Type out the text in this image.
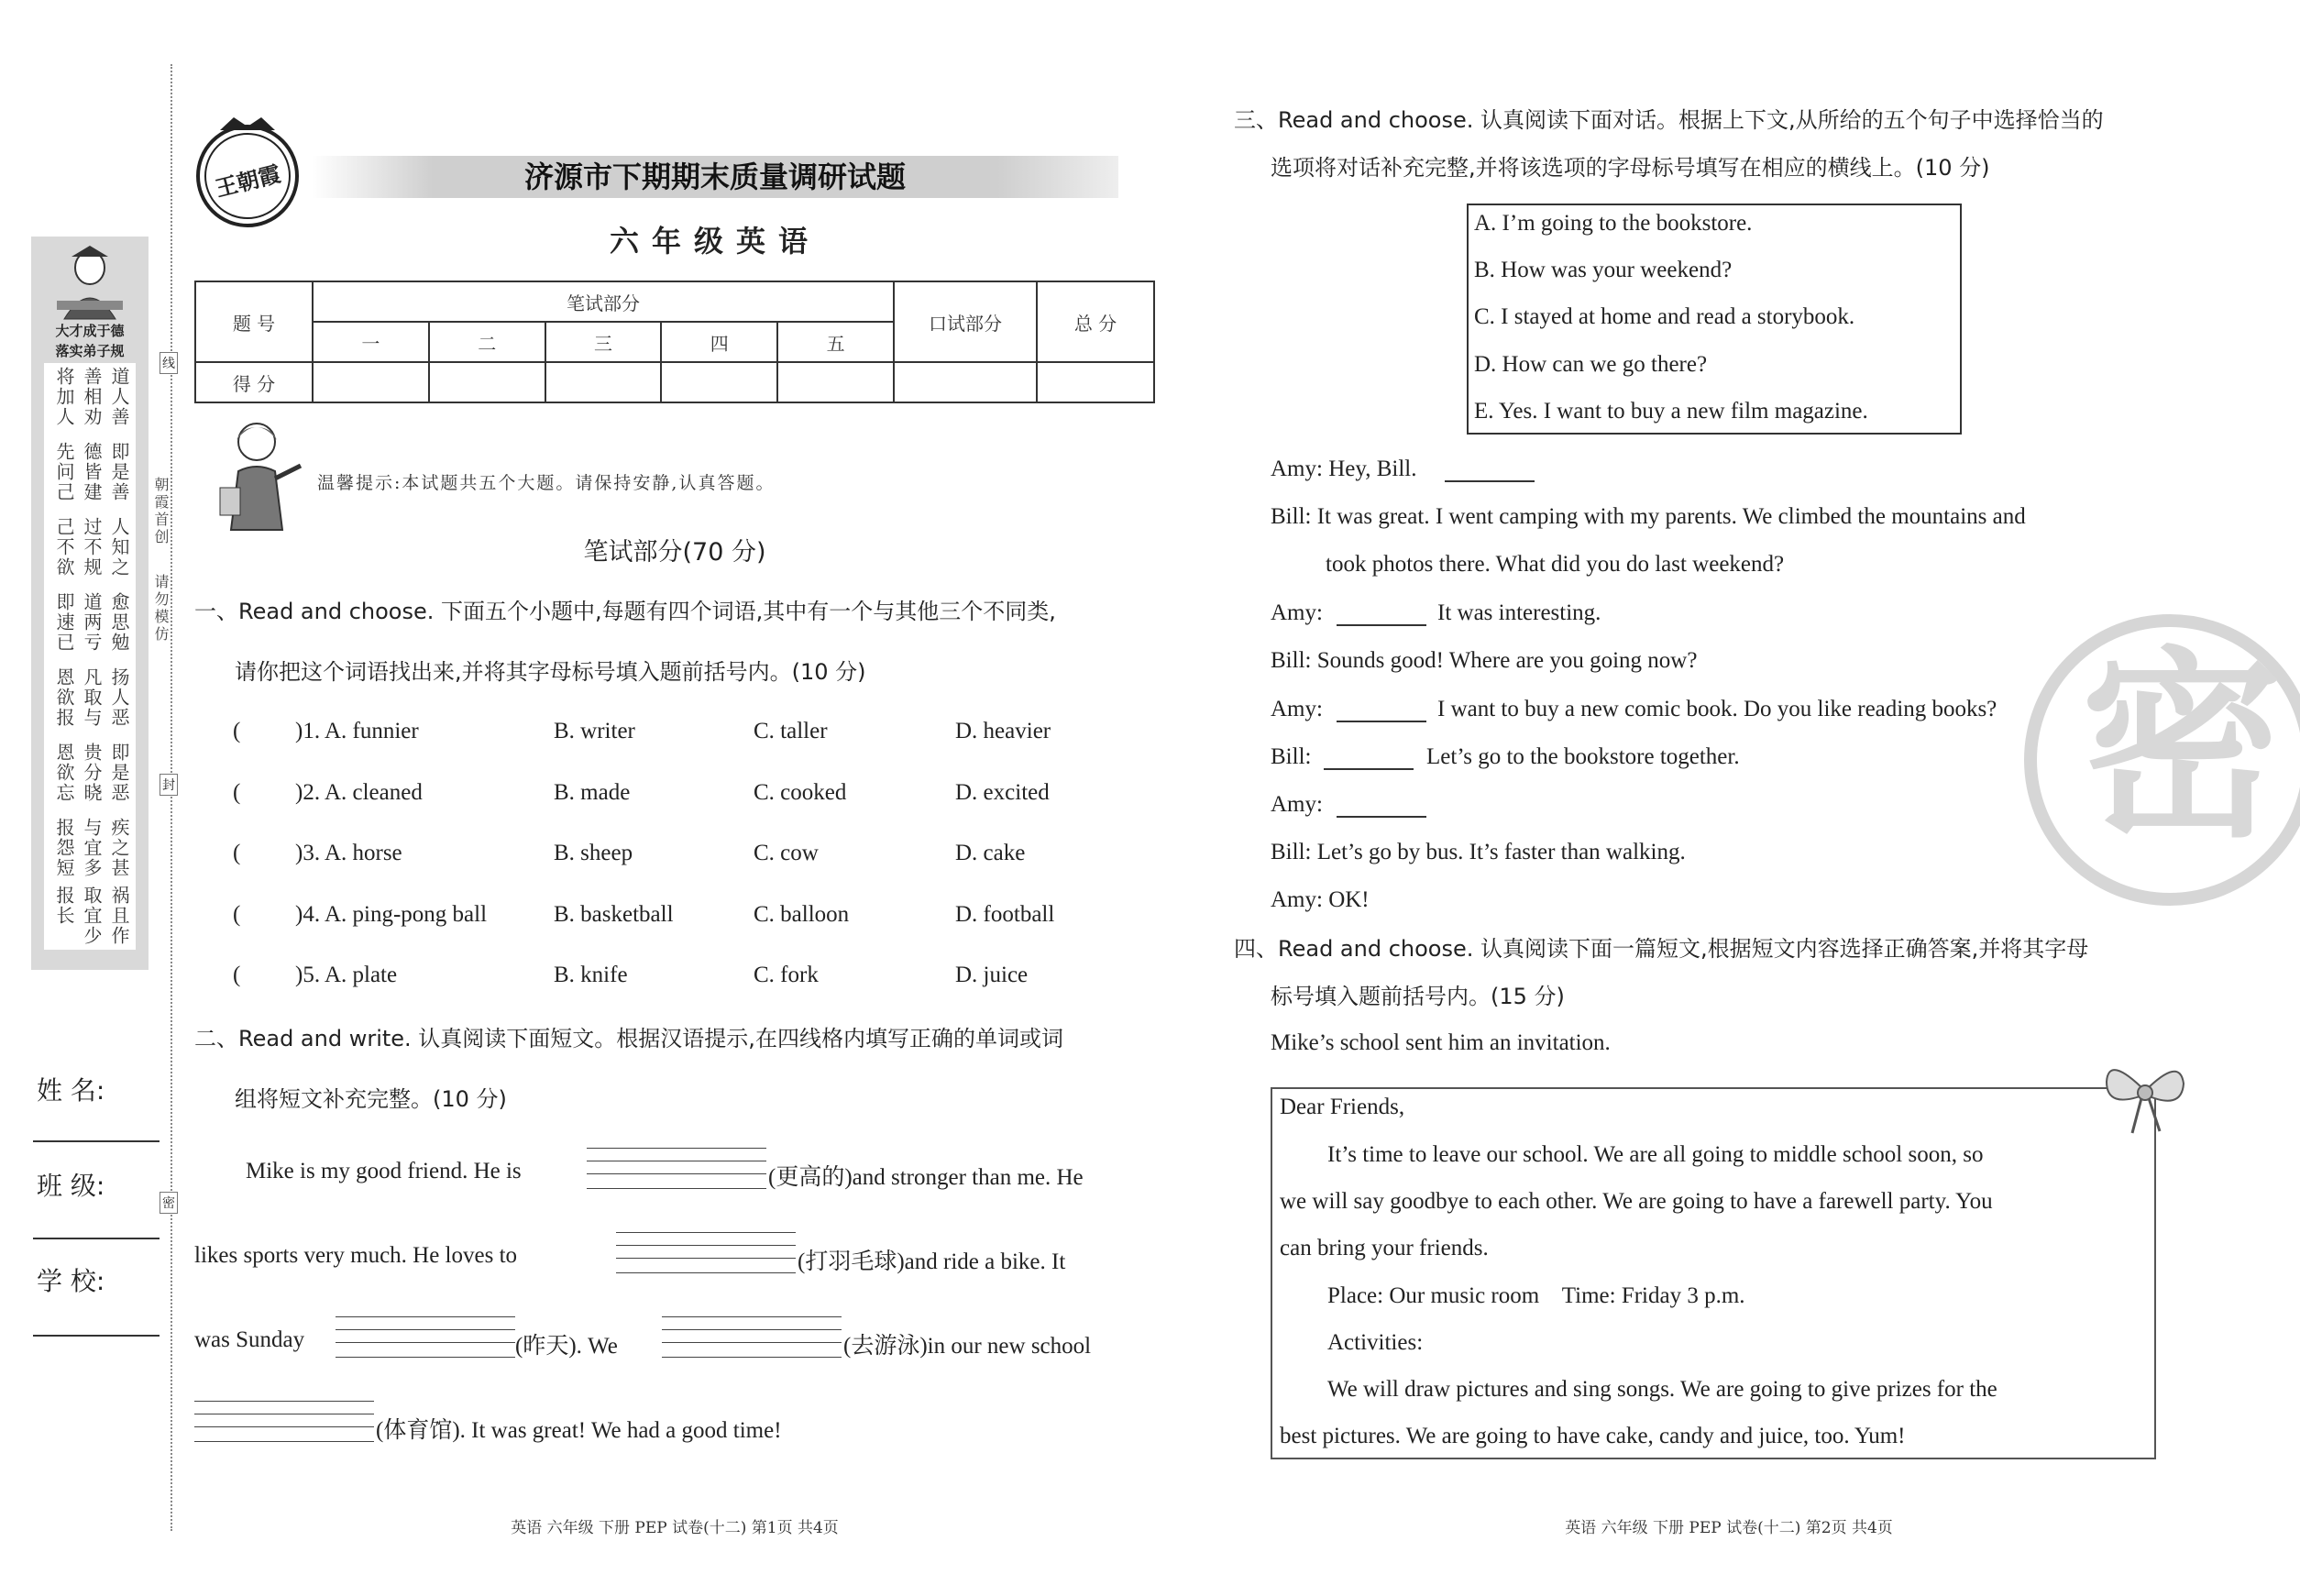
大才成于德
落实弟子规
道人善
善相劝
将加人
即是善
德皆建
先问己
人知之
过不规
己不欲
愈思勉
道两亏
即速已
扬人恶
凡取与
恩欲报
即是恶
贵分晓
恩欲忘
疾之甚
与宜多
报怨短
祸且作
取宜少
报长
朝霞首创
请勿模仿
线
封
密
姓 名:
班 级:
学 校:
王朝霞	济源市下期期末质量调研试题
六年级英语
题 号	笔试部分					口试部分	总 分
	一	二	三	四	五		
得 分							
温馨提示:本试题共五个大题。请保持安静,认真答题。
笔试部分(70 分)
一、Read and choose. 下面五个小题中,每题有四个词语,其中有一个与其他三个不同类,
请你把这个词语找出来,并将其字母标号填入题前括号内。(10 分)
( )1. A. funnier	B. writer	C. taller	D. heavier
( )2. A. cleaned	B. made	C. cooked	D. excited
( )3. A. horse	B. sheep	C. cow	D. cake
( )4. A. ping-pong ball	B. basketball	C. balloon	D. football
( )5. A. plate	B. knife	C. fork	D. juice
二、Read and write. 认真阅读下面短文。根据汉语提示,在四线格内填写正确的单词或词
组将短文补充完整。(10 分)
Mike is my good friend. He is	(更高的)and stronger than me. He
likes sports very much. He loves to	(打羽毛球)and ride a bike. It
was Sunday	(昨天). We	(去游泳)in our new school
(体育馆). It was great! We had a good time!
英语 六年级 下册 PEP 试卷(十二) 第1页 共4页
三、Read and choose. 认真阅读下面对话。根据上下文,从所给的五个句子中选择恰当的
选项将对话补充完整,并将该选项的字母标号填写在相应的横线上。(10 分)
A. I’m going to the bookstore.
B. How was your weekend?
C. I stayed at home and read a storybook.
D. How can we go there?
E. Yes. I want to buy a new film magazine.
Amy: Hey, Bill.
Bill: It was great. I went camping with my parents. We climbed the mountains and
took photos there. What did you do last weekend?
Amy:	It was interesting.
Bill: Sounds good! Where are you going now?
Amy:	I want to buy a new comic book. Do you like reading books?
Bill:	Let’s go to the bookstore together.
Amy:
Bill: Let’s go by bus. It’s faster than walking.
Amy: OK!
密
四、Read and choose. 认真阅读下面一篇短文,根据短文内容选择正确答案,并将其字母
标号填入题前括号内。(15 分)
Mike’s school sent him an invitation.
Dear Friends,
It’s time to leave our school. We are all going to middle school soon, so
we will say goodbye to each other. We are going to have a farewell party. You
can bring your friends.
Place: Our music room    Time: Friday 3 p.m.
Activities:
We will draw pictures and sing songs. We are going to give prizes for the
best pictures. We are going to have cake, candy and juice, too. Yum!
英语 六年级 下册 PEP 试卷(十二) 第2页 共4页
